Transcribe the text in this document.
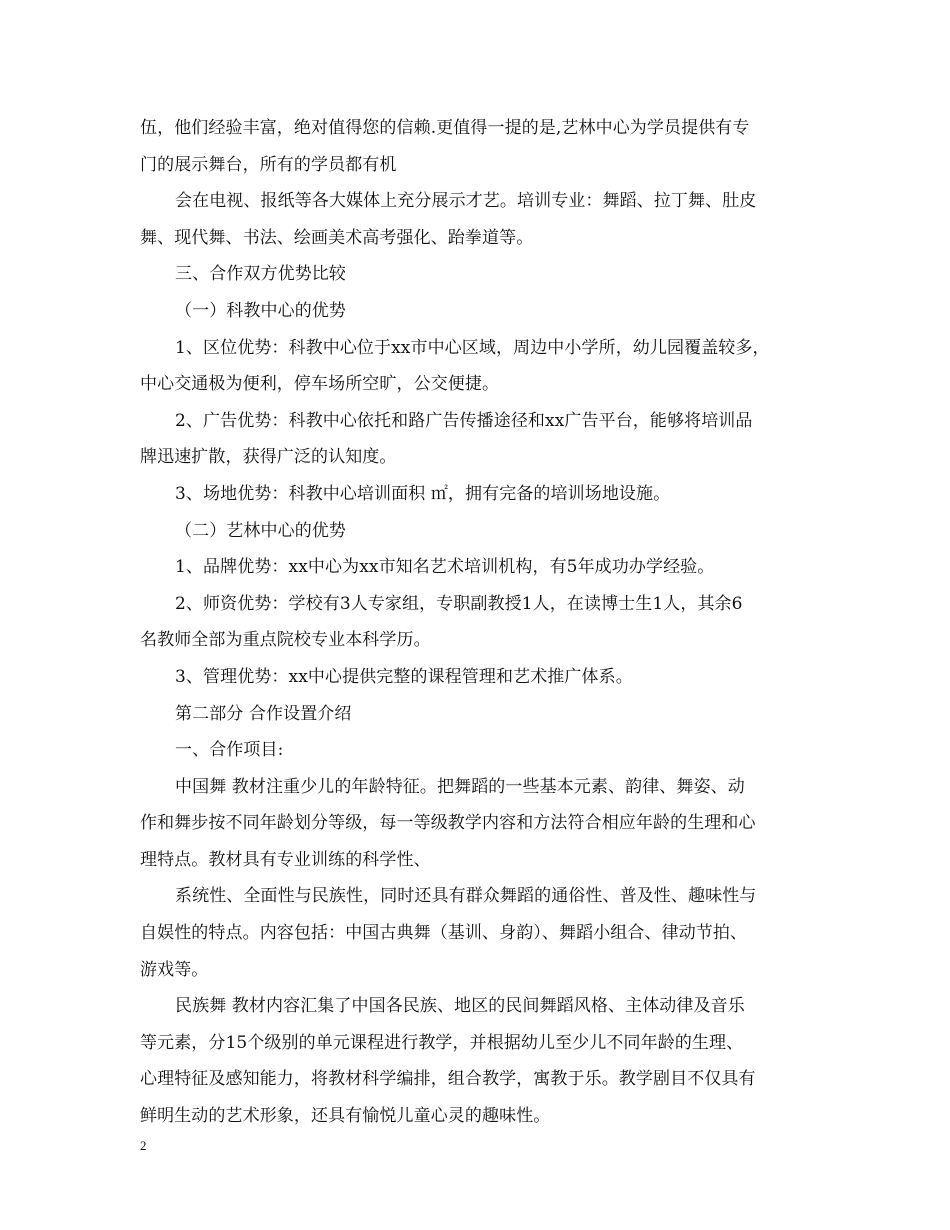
伍，他们经验丰富，绝对值得您的信赖.更值得一提的是,艺林中心为学员提供有专
门的展示舞台，所有的学员都有机
会在电视、报纸等各大媒体上充分展示才艺。培训专业：舞蹈、拉丁舞、肚皮
舞、现代舞、书法、绘画美术高考强化、跆拳道等。
三、合作双方优势比较
（一）科教中心的优势
1、区位优势：科教中心位于xx市中心区域，周边中小学所，幼儿园覆盖较多，
中心交通极为便利，停车场所空旷，公交便捷。
2、广告优势：科教中心依托和路广告传播途径和xx广告平台，能够将培训品
牌迅速扩散，获得广泛的认知度。
3、场地优势：科教中心培训面积 ㎡，拥有完备的培训场地设施。
（二）艺林中心的优势
1、品牌优势：xx中心为xx市知名艺术培训机构，有5年成功办学经验。
2、师资优势：学校有3人专家组，专职副教授1人，在读博士生1人，其余6
名教师全部为重点院校专业本科学历。
3、管理优势：xx中心提供完整的课程管理和艺术推广体系。
第二部分 合作设置介绍
一、合作项目:
中国舞 教材注重少儿的年龄特征。把舞蹈的一些基本元素、韵律、舞姿、动
作和舞步按不同年龄划分等级，每一等级教学内容和方法符合相应年龄的生理和心
理特点。教材具有专业训练的科学性、
系统性、全面性与民族性，同时还具有群众舞蹈的通俗性、普及性、趣味性与
自娱性的特点。内容包括：中国古典舞（基训、身韵）、舞蹈小组合、律动节拍、
游戏等。
民族舞 教材内容汇集了中国各民族、地区的民间舞蹈风格、主体动律及音乐
等元素，分15个级别的单元课程进行教学，并根据幼儿至少儿不同年龄的生理、
心理特征及感知能力，将教材科学编排，组合教学，寓教于乐。教学剧目不仅具有
鲜明生动的艺术形象，还具有愉悦儿童心灵的趣味性。
2
